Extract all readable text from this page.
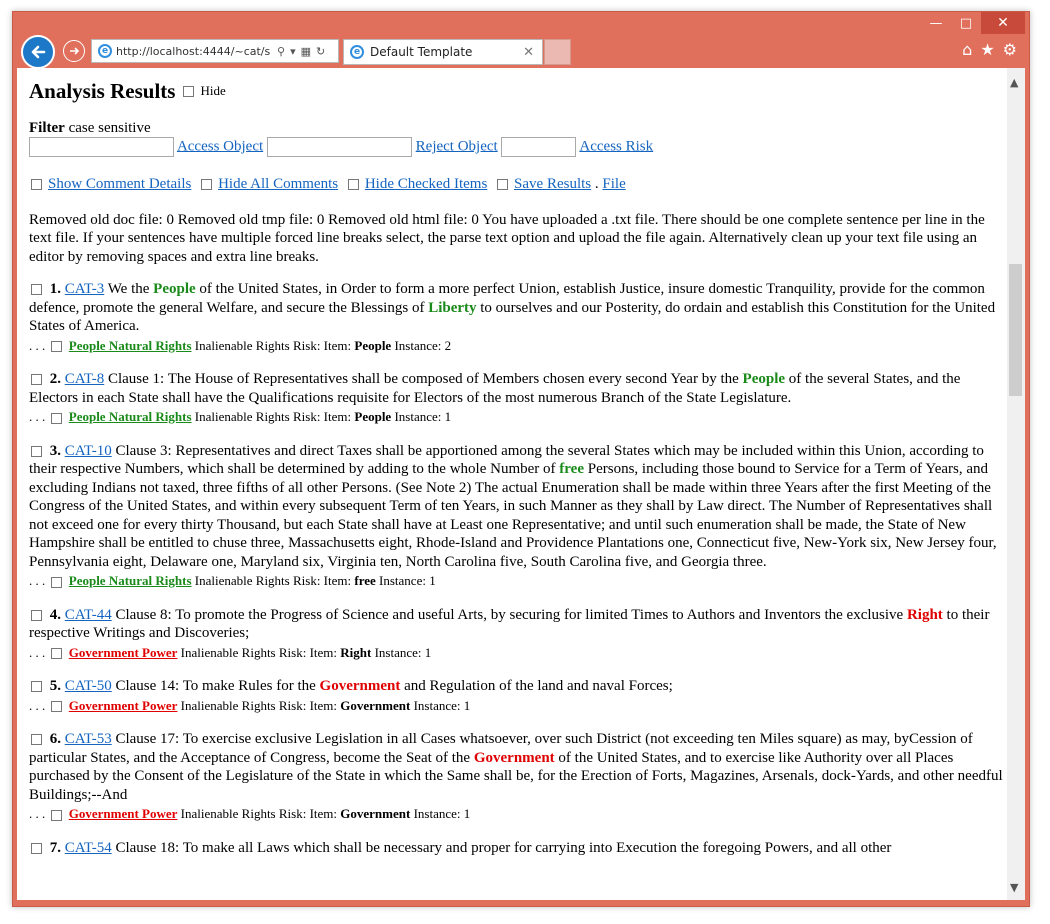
—	□	✕
e http://localhost:4444/~cat/s ⚲ ▾ ▦ ↻	e Default Template	✕	⌂ ★ ⚙
Analysis Results Hide
Filter case sensitive
Access Object	Reject Object	Access Risk
Show Comment Details Hide All Comments Hide Checked Items Save Results . File
Removed old doc file: 0 Removed old tmp file: 0 Removed old html file: 0 You have uploaded a .txt file. There should be one complete sentence per line in the text file. If your sentences have multiple forced line breaks select, the parse text option and upload the file again. Alternatively clean up your text file using an editor by removing spaces and extra line breaks.
1. CAT-3 We the People of the United States, in Order to form a more perfect Union, establish Justice, insure domestic Tranquility, provide for the common defence, promote the general Welfare, and secure the Blessings of Liberty to ourselves and our Posterity, do ordain and establish this Constitution for the United States of America.
. . . People Natural Rights Inalienable Rights Risk: Item: People Instance: 2
2. CAT-8 Clause 1: The House of Representatives shall be composed of Members chosen every second Year by the People of the several States, and the Electors in each State shall have the Qualifications requisite for Electors of the most numerous Branch of the State Legislature.
. . . People Natural Rights Inalienable Rights Risk: Item: People Instance: 1
3. CAT-10 Clause 3: Representatives and direct Taxes shall be apportioned among the several States which may be included within this Union, according to their respective Numbers, which shall be determined by adding to the whole Number of free Persons, including those bound to Service for a Term of Years, and excluding Indians not taxed, three fifths of all other Persons. (See Note 2) The actual Enumeration shall be made within three Years after the first Meeting of the Congress of the United States, and within every subsequent Term of ten Years, in such Manner as they shall by Law direct. The Number of Representatives shall not exceed one for every thirty Thousand, but each State shall have at Least one Representative; and until such enumeration shall be made, the State of New Hampshire shall be entitled to chuse three, Massachusetts eight, Rhode-Island and Providence Plantations one, Connecticut five, New-York six, New Jersey four, Pennsylvania eight, Delaware one, Maryland six, Virginia ten, North Carolina five, South Carolina five, and Georgia three.
. . . People Natural Rights Inalienable Rights Risk: Item: free Instance: 1
4. CAT-44 Clause 8: To promote the Progress of Science and useful Arts, by securing for limited Times to Authors and Inventors the exclusive Right to their respective Writings and Discoveries;
. . . Government Power Inalienable Rights Risk: Item: Right Instance: 1
5. CAT-50 Clause 14: To make Rules for the Government and Regulation of the land and naval Forces;
. . . Government Power Inalienable Rights Risk: Item: Government Instance: 1
6. CAT-53 Clause 17: To exercise exclusive Legislation in all Cases whatsoever, over such District (not exceeding ten Miles square) as may, byCession of particular States, and the Acceptance of Congress, become the Seat of the Government of the United States, and to exercise like Authority over all Places purchased by the Consent of the Legislature of the State in which the Same shall be, for the Erection of Forts, Magazines, Arsenals, dock-Yards, and other needful Buildings;--And
. . . Government Power Inalienable Rights Risk: Item: Government Instance: 1
7. CAT-54 Clause 18: To make all Laws which shall be necessary and proper for carrying into Execution the foregoing Powers, and all other
▲
▼
